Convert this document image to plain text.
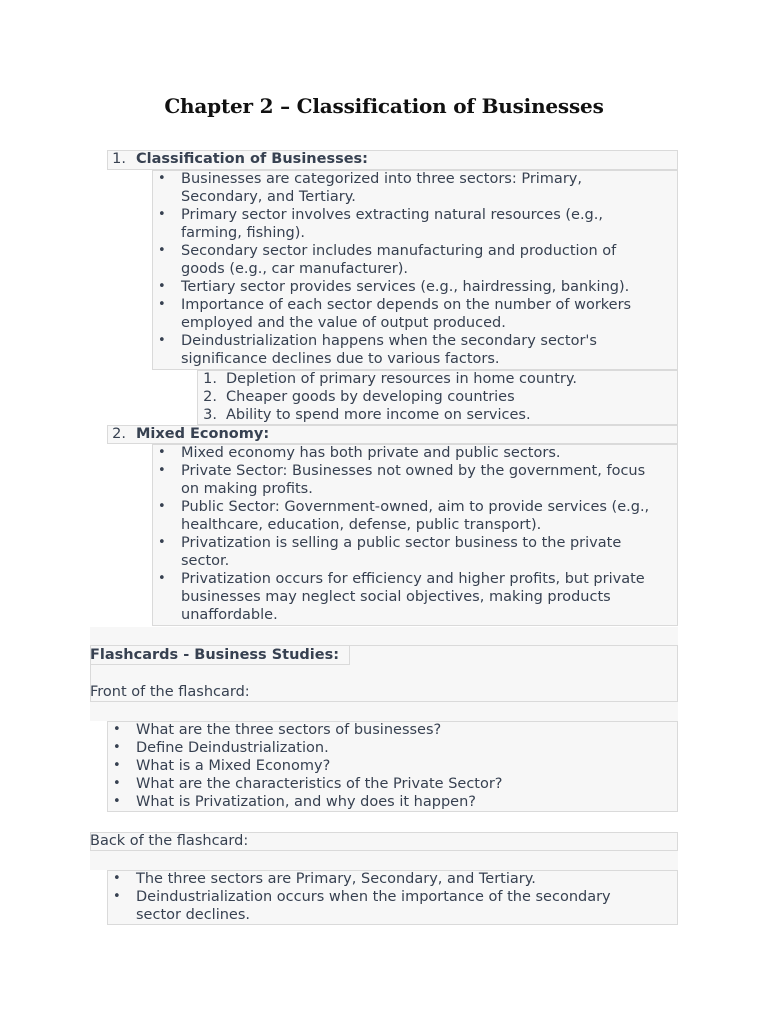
Chapter 2 – Classification of Businesses
1. Classification of Businesses:
• Businesses are categorized into three sectors: Primary,
Secondary, and Tertiary.
• Primary sector involves extracting natural resources (e.g.,
farming, fishing).
• Secondary sector includes manufacturing and production of
goods (e.g., car manufacturer).
• Tertiary sector provides services (e.g., hairdressing, banking).
• Importance of each sector depends on the number of workers
employed and the value of output produced.
• Deindustrialization happens when the secondary sector's
significance declines due to various factors.
1. Depletion of primary resources in home country.
2. Cheaper goods by developing countries
3. Ability to spend more income on services.
2. Mixed Economy:
• Mixed economy has both private and public sectors.
• Private Sector: Businesses not owned by the government, focus
on making profits.
• Public Sector: Government-owned, aim to provide services (e.g.,
healthcare, education, defense, public transport).
• Privatization is selling a public sector business to the private
sector.
• Privatization occurs for efficiency and higher profits, but private
businesses may neglect social objectives, making products
unaffordable.
Flashcards - Business Studies:
Front of the flashcard:
• What are the three sectors of businesses?
• Define Deindustrialization.
• What is a Mixed Economy?
• What are the characteristics of the Private Sector?
• What is Privatization, and why does it happen?
Back of the flashcard:
• The three sectors are Primary, Secondary, and Tertiary.
• Deindustrialization occurs when the importance of the secondary
sector declines.
